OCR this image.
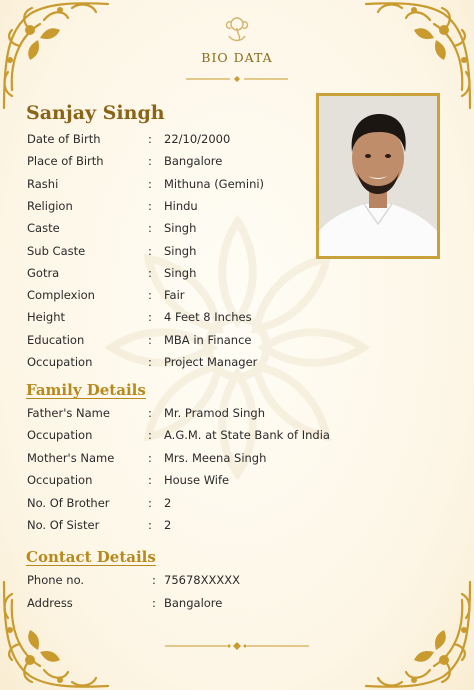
BIO DATA
Sanjay Singh
Date of Birth	: 22/10/2000
Place of Birth	: Bangalore
Rashi	: Mithuna (Gemini)
Religion	: Hindu
Caste	: Singh
Sub Caste	: Singh
Gotra	: Singh
Complexion	: Fair
Height	: 4 Feet 8 Inches
Education	: MBA in Finance
Occupation	: Project Manager
Family Details
Father's Name	: Mr. Pramod Singh
Occupation	: A.G.M. at State Bank of India
Mother's Name	: Mrs. Meena Singh
Occupation	: House Wife
No. Of Brother	: 2
No. Of Sister	: 2
Contact Details
Phone no.	: 75678XXXXX
Address	: Bangalore
